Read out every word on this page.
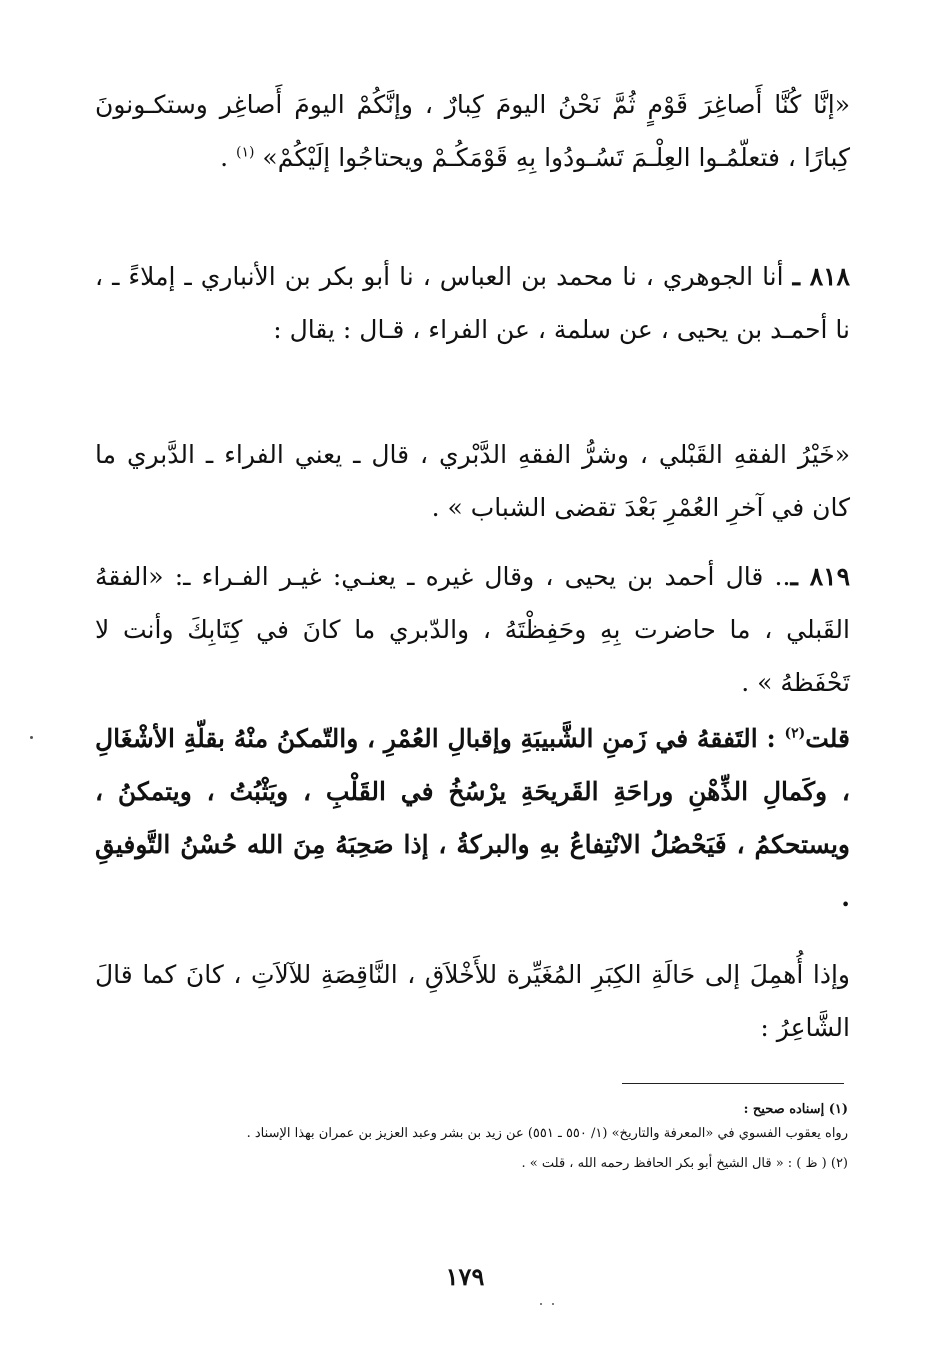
«إنَّا كُنَّا أَصاغِرَ قَوْمٍ ثُمَّ نَحْنُ اليومَ كِبارٌ ، وإنَّكُمْ اليومَ أَصاغِر وستكـونونَ كِبارًا ، فتعلّمُـوا العِلْـمَ تَسُـودُوا بِهِ قَوْمَكُـمْ ويحتاجُوا إلَيْكُمْ» $^{(١)}$ .

٨١٨ ـ أنا الجوهري ، نا محمد بن العباس ، نا أبو بكر بن الأنباري ـ إملاءً ـ ، نا أحمـد بن يحيى ، عن سلمة ، عن الفراء ، قـال : يقال :

«خَيْرُ الفقهِ القَبْلي ، وشرُّ الفقهِ الدَّبْري ، قال ـ يعني الفراء ـ الدَّبري ما كان في آخرِ العُمْرِ بَعْدَ تقضى الشباب » .

٨١٩ ـ.. قال أحمد بن يحيى ، وقال غيره ـ يعنـي: غيـر الفـراء ـ: «الفقهُ القَبلي ، ما حاضرت بِهِ وحَفِظْتَهُ ، والدّبري ما كانَ في كِتَابِكَ وأنت لا تَحْفَظهُ » .

قلت$^{(٢)}$ : التَفقهُ في زَمنِ الشَّبيبَةِ وإقبالِ العُمْرِ ، والتّمكنُ منْهُ بقلّةِ الأشْغَالِ ، وكَمالِ الذِّهْنِ وراحَةِ القَريحَةِ يرْسُخُ في القَلْبِ ، ويَثْبُتُ ، ويتمكنُ ، ويستحكمُ ، فَيَحْصُلُ الانْتِفاعُ بهِ والبركةُ ، إذا صَحِبَهُ مِنَ الله حُسْنُ التَّوفيقِ .

وإذا أُهمِلَ إلى حَالَةِ الكِبَرِ المُغَيِّرة للأَخْلاَقِ ، النَّاقِصَةِ للآلاَتِ ، كانَ كما قالَ الشَّاعِرُ :

(١) إسناده صحيح :

رواه يعقوب الفسوي في «المعرفة والتاريخ» (١/ ٥٥٠ ـ ٥٥١) عن زيد بن بشر وعبد العزيز بن عمران بهذا الإسناد .

(٢) ( ظ ) : « قال الشيخ أبو بكر الحافظ رحمه الله ، قلت » .

١٧٩
